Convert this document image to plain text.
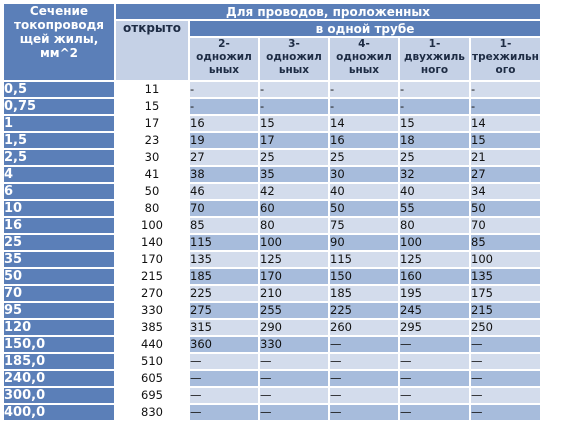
Сечение токопроводя щей жилы, мм^2	Для проводов, проложенных					
	открыто	в одной трубе				
		2-
одножил
ьных	3-
одножил
ьных	4-
одножил
ьных	1-
двухжиль
ного	1-
трехжильн
ого
0,5	11	-	-	-	-	-
0,75	15	-	-	-	-	-
1	17	16	15	14	15	14
1,5	23	19	17	16	18	15
2,5	30	27	25	25	25	21
4	41	38	35	30	32	27
6	50	46	42	40	40	34
10	80	70	60	50	55	50
16	100	85	80	75	80	70
25	140	115	100	90	100	85
35	170	135	125	115	125	100
50	215	185	170	150	160	135
70	270	225	210	185	195	175
95	330	275	255	225	245	215
120	385	315	290	260	295	250
150,0	440	360	330	—	—	—
185,0	510	—	—	—	—	—
240,0	605	—	—	—	—	—
300,0	695	—	—	—	—	—
400,0	830	—	—	—	—	—
